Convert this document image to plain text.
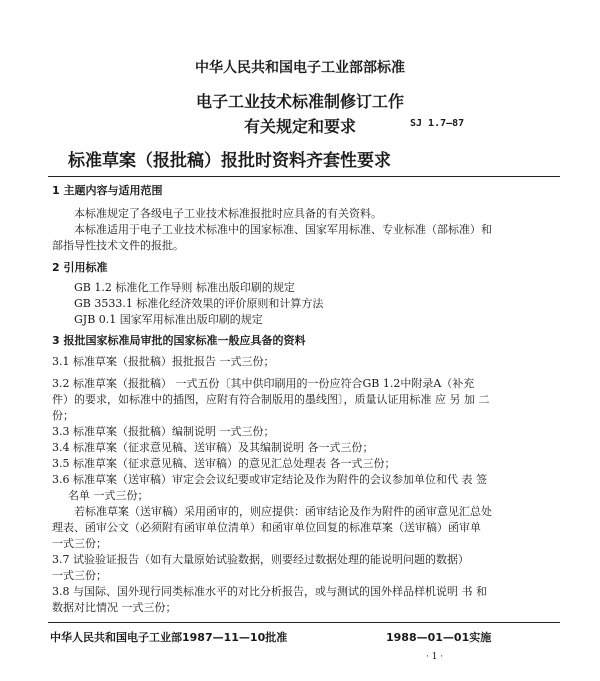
中华人民共和国电子工业部部标准
电子工业技术标准制修订工作
有关规定和要求	SJ 1.7—87
标准草案（报批稿）报批时资料齐套性要求
1 主题内容与适用范围
本标准规定了各级电子工业技术标准报批时应具备的有关资料。
本标准适用于电子工业技术标准中的国家标准、国家军用标准、专业标准（部标准）和
部指导性技术文件的报批。
2 引用标准
GB 1.2 标准化工作导则 标准出版印刷的规定
GB 3533.1 标准化经济效果的评价原则和计算方法
GJB 0.1 国家军用标准出版印刷的规定
3 报批国家标准局审批的国家标准一般应具备的资料
3.1 标准草案（报批稿）报批报告 一式三份；
3.2 标准草案（报批稿） 一式五份〔其中供印刷用的一份应符合GB 1.2中附录A（补充
件）的要求，如标准中的插图，应附有符合制版用的墨线图〕，质量认证用标准 应 另 加 二
份；
3.3 标准草案（报批稿）编制说明 一式三份；
3.4 标准草案（征求意见稿、送审稿）及其编制说明 各一式三份；
3.5 标准草案（征求意见稿、送审稿）的意见汇总处理表 各一式三份；
3.6 标准草案（送审稿）审定会会议纪要或审定结论及作为附件的会议参加单位和代 表 签
名单 一式三份；
若标准草案（送审稿）采用函审的，则应提供：函审结论及作为附件的函审意见汇总处
理表、函审公文（必须附有函审单位清单）和函审单位回复的标准草案（送审稿）函审单
一式三份；
3.7 试验验证报告（如有大量原始试验数据，则要经过数据处理的能说明问题的数据）
一式三份；
3.8 与国际、国外现行同类标准水平的对比分析报告，或与测试的国外样品样机说明 书 和
数据对比情况 一式三份；
中华人民共和国电子工业部1987—11—10批准	1988—01—01实施
· 1 ·
